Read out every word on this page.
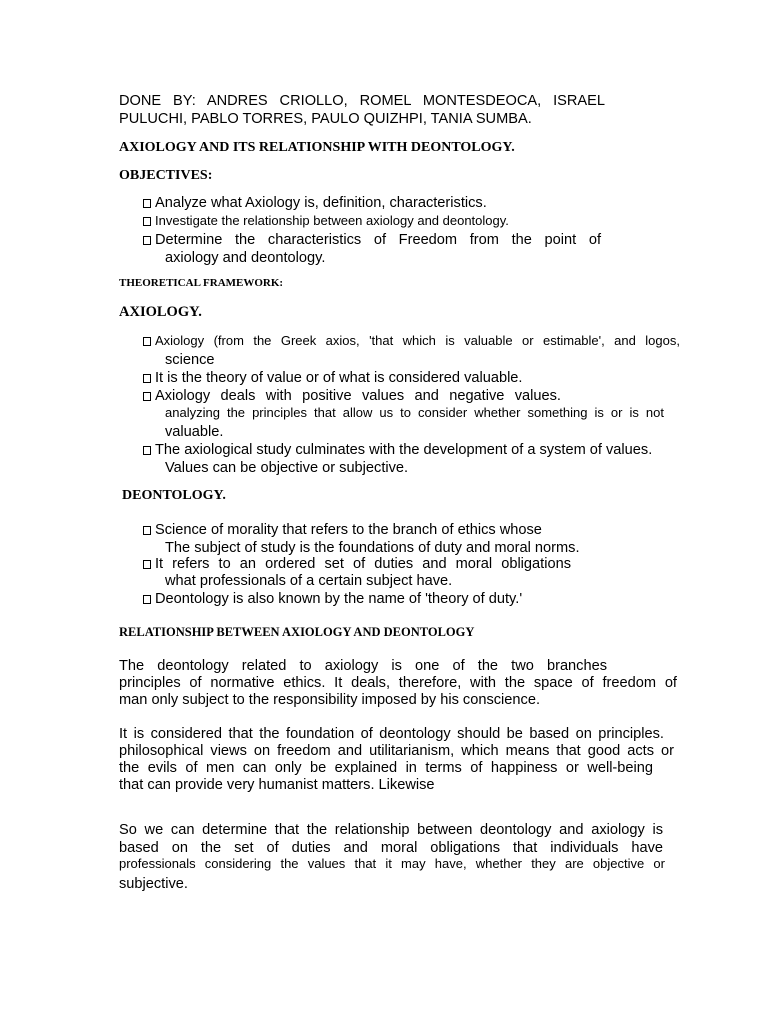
DONE BY: ANDRES CRIOLLO, ROMEL MONTESDEOCA, ISRAEL
PULUCHI, PABLO TORRES, PAULO QUIZHPI, TANIA SUMBA.
AXIOLOGY AND ITS RELATIONSHIP WITH DEONTOLOGY.
OBJECTIVES:
Analyze what Axiology is, definition, characteristics.
Investigate the relationship between axiology and deontology.
Determine the characteristics of Freedom from the point of
axiology and deontology.
THEORETICAL FRAMEWORK:
AXIOLOGY.
Axiology (from the Greek axios, 'that which is valuable or estimable', and logos,
science
It is the theory of value or of what is considered valuable.
Axiology deals with positive values and negative values.
analyzing the principles that allow us to consider whether something is or is not
valuable.
The axiological study culminates with the development of a system of values.
Values can be objective or subjective.
DEONTOLOGY.
Science of morality that refers to the branch of ethics whose
The subject of study is the foundations of duty and moral norms.
It refers to an ordered set of duties and moral obligations
what professionals of a certain subject have.
Deontology is also known by the name of 'theory of duty.'
RELATIONSHIP BETWEEN AXIOLOGY AND DEONTOLOGY
The deontology related to axiology is one of the two branches
principles of normative ethics. It deals, therefore, with the space of freedom of
man only subject to the responsibility imposed by his conscience.
It is considered that the foundation of deontology should be based on principles.
philosophical views on freedom and utilitarianism, which means that good acts or
the evils of men can only be explained in terms of happiness or well-being
that can provide very humanist matters. Likewise
So we can determine that the relationship between deontology and axiology is
based on the set of duties and moral obligations that individuals have
professionals considering the values that it may have, whether they are objective or
subjective.
